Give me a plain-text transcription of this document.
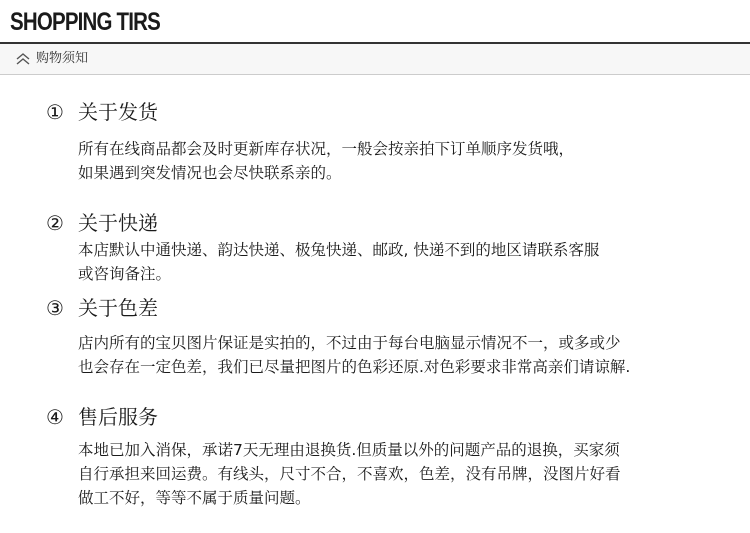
SHOPPING TIRS
购物须知
① 关于发货
所有在线商品都会及时更新库存状况，一般会按亲拍下订单顺序发货哦，
如果遇到突发情况也会尽快联系亲的。
② 关于快递
本店默认中通快递、韵达快递、极兔快递、邮政, 快递不到的地区请联系客服
或咨询备注。
③ 关于色差
店内所有的宝贝图片保证是实拍的，不过由于每台电脑显示情况不一，或多或少
也会存在一定色差，我们已尽量把图片的色彩还原.对色彩要求非常高亲们请谅解.
④ 售后服务
本地已加入消保，承诺7天无理由退换货.但质量以外的问题产品的退换，买家须
自行承担来回运费。有线头，尺寸不合，不喜欢，色差，没有吊牌，没图片好看
做工不好，等等不属于质量问题。
